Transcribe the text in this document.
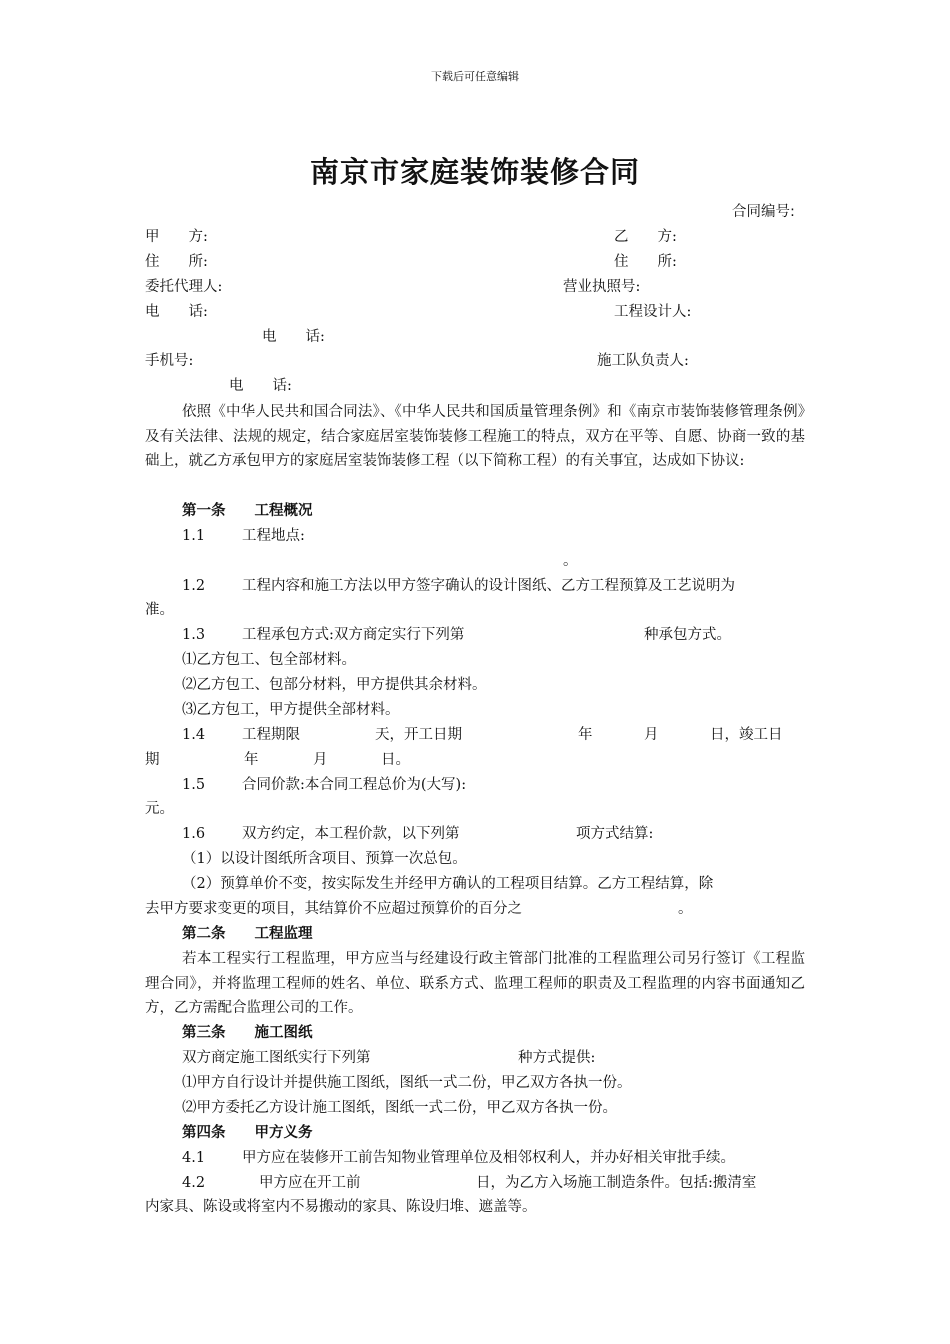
下载后可任意编辑
南京市家庭装饰装修合同
合同编号:
甲　　方:	乙　　方:
住　　所:	住　　所:
委托代理人:	营业执照号:
电　　话:	工程设计人:
电　　话:
手机号:	施工队负责人:
电　　话:
依照《中华人民共和国合同法》、《中华人民共和国质量管理条例》和《南京市装饰装修管理条例》及有关法律、法规的规定，结合家庭居室装饰装修工程施工的特点，双方在平等、自愿、协商一致的基础上，就乙方承包甲方的家庭居室装饰装修工程（以下简称工程）的有关事宜，达成如下协议:
第一条　　工程概况
1.1	工程地点:
。
1.2	工程内容和施工方法以甲方签字确认的设计图纸、乙方工程预算及工艺说明为
准。
1.3	工程承包方式:双方商定实行下列第	种承包方式。
⑴乙方包工、包全部材料。
⑵乙方包工、包部分材料，甲方提供其余材料。
⑶乙方包工，甲方提供全部材料。
1.4	工程期限	天，开工日期	年	月	日，竣工日
期	年	月	日。
1.5	合同价款:本合同工程总价为(大写):
元。
1.6	双方约定，本工程价款，以下列第	项方式结算:
（1）以设计图纸所含项目、预算一次总包。
（2）预算单价不变，按实际发生并经甲方确认的工程项目结算。乙方工程结算，除
去甲方要求变更的项目，其结算价不应超过预算价的百分之	。
第二条　　工程监理
若本工程实行工程监理，甲方应当与经建设行政主管部门批准的工程监理公司另行签订《工程监理合同》，并将监理工程师的姓名、单位、联系方式、监理工程师的职责及工程监理的内容书面通知乙方，乙方需配合监理公司的工作。
第三条　　施工图纸
双方商定施工图纸实行下列第	种方式提供:
⑴甲方自行设计并提供施工图纸，图纸一式二份，甲乙双方各执一份。
⑵甲方委托乙方设计施工图纸，图纸一式二份，甲乙双方各执一份。
第四条　　甲方义务
4.1	甲方应在装修开工前告知物业管理单位及相邻权利人，并办好相关审批手续。
4.2	甲方应在开工前	日，为乙方入场施工制造条件。包括:搬清室
内家具、陈设或将室内不易搬动的家具、陈设归堆、遮盖等。
